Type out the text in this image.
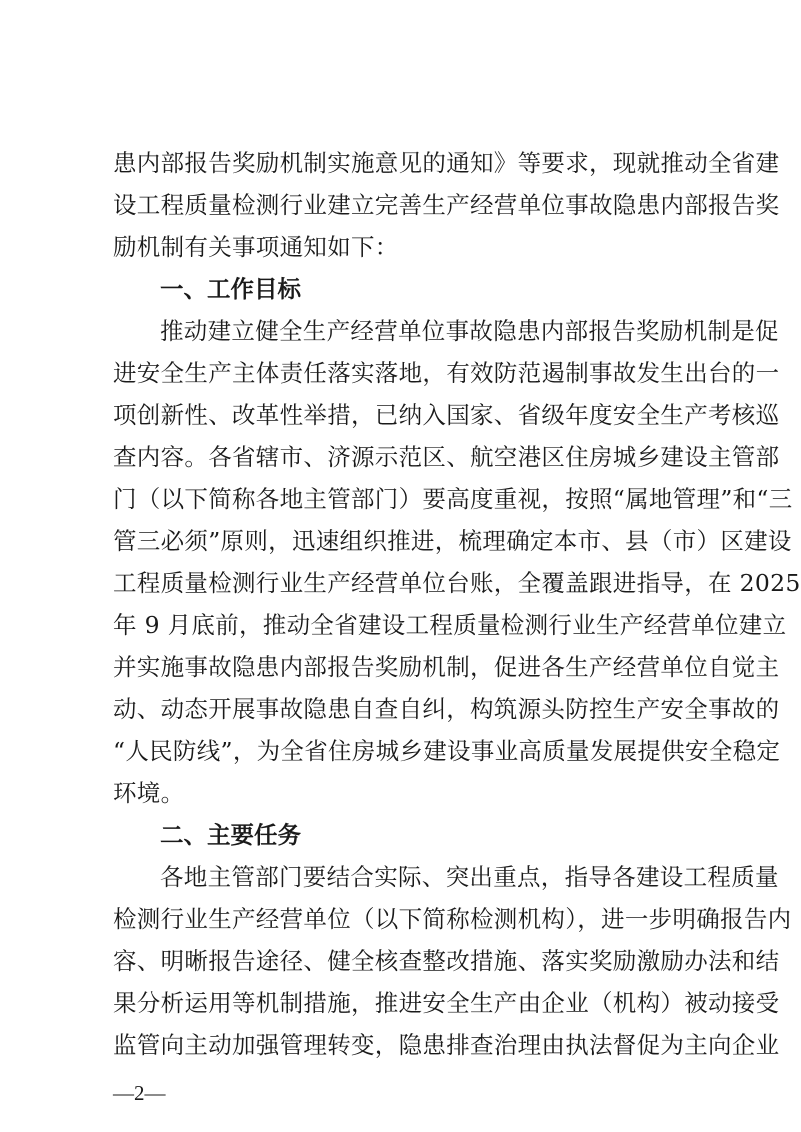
患内部报告奖励机制实施意见的通知》等要求，现就推动全省建
设工程质量检测行业建立完善生产经营单位事故隐患内部报告奖
励机制有关事项通知如下：
一、工作目标
推动建立健全生产经营单位事故隐患内部报告奖励机制是促
进安全生产主体责任落实落地，有效防范遏制事故发生出台的一
项创新性、改革性举措，已纳入国家、省级年度安全生产考核巡
查内容。各省辖市、济源示范区、航空港区住房城乡建设主管部
门（以下简称各地主管部门）要高度重视，按照“属地管理”和“三
管三必须”原则，迅速组织推进，梳理确定本市、县（市）区建设
工程质量检测行业生产经营单位台账，全覆盖跟进指导，在 2025
年 9 月底前，推动全省建设工程质量检测行业生产经营单位建立
并实施事故隐患内部报告奖励机制，促进各生产经营单位自觉主
动、动态开展事故隐患自查自纠，构筑源头防控生产安全事故的
“人民防线”，为全省住房城乡建设事业高质量发展提供安全稳定
环境。
二、主要任务
各地主管部门要结合实际、突出重点，指导各建设工程质量
检测行业生产经营单位（以下简称检测机构），进一步明确报告内
容、明晰报告途径、健全核查整改措施、落实奖励激励办法和结
果分析运用等机制措施，推进安全生产由企业（机构）被动接受
监管向主动加强管理转变，隐患排查治理由执法督促为主向企业
—2—
